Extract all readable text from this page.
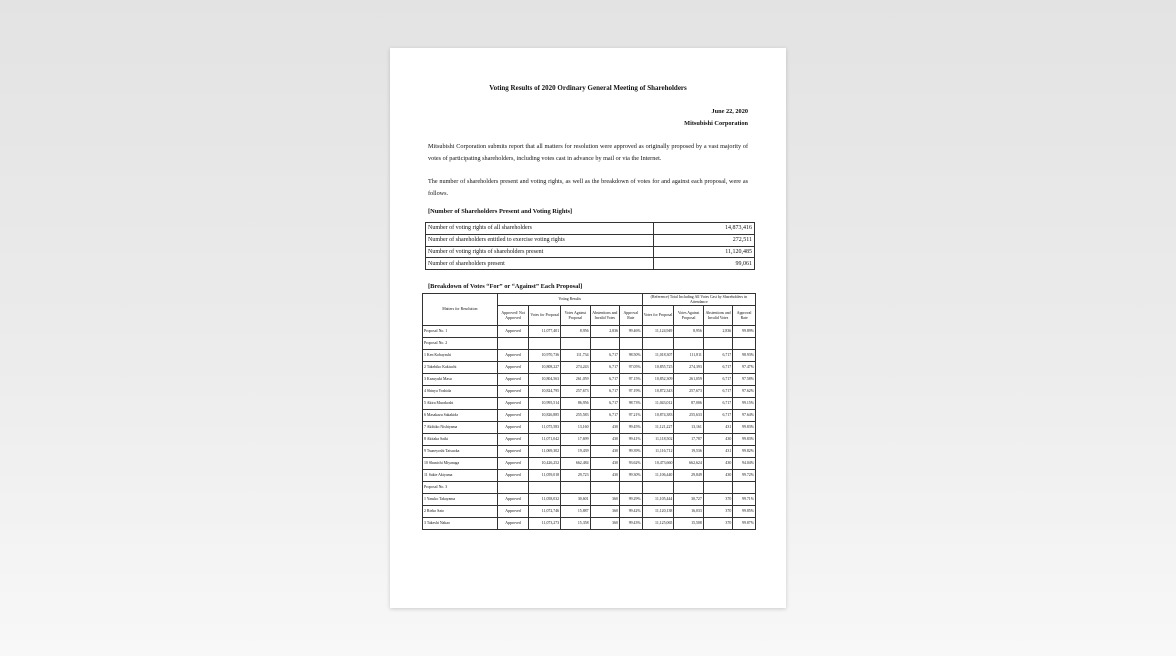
Voting Results of 2020 Ordinary General Meeting of Shareholders
June 22, 2020
Mitsubishi Corporation
Mitsubishi Corporation submits report that all matters for resolution were approved as originally proposed by a vast majority of votes of participating shareholders, including votes cast in advance by mail or via the Internet.
The number of shareholders present and voting rights, as well as the breakdown of votes for and against each proposal, were as follows.
[Number of Shareholders Present and Voting Rights]
Number of voting rights of all shareholders	14,873,416
Number of shareholders entitled to exercise voting rights	272,511
Number of voting rights of shareholders present	11,120,485
Number of shareholders present	99,061
[Breakdown of Votes “For” or “Against” Each Proposal]
Matters for Resolution	Voting Results					(Reference) Total Including All Votes Cast by Shareholders in Attendance			
	Approved/ Not Approved	Votes for Proposal	Votes Against Proposal	Abstentions and Invalid Votes	Approval Rate	Votes for Proposal	Votes Against Proposal	Abstentions and Invalid Votes	Approval Rate
Proposal No. 1	Approved	11,077,401	8,956	2,836	99.46%	11,124,949	8,956	2,836	99.89%
Proposal No. 2									
1 Ken Kobayashi	Approved	10,970,736	111,734	6,717	98.50%	11,018,307	111,811	6,717	98.93%
2 Takehiko Kakiuchi	Approved	10,808,227	274,243	6,717	97.05%	10,855,725	274,393	6,717	97.47%
3 Kazuyuki Masu	Approved	10,804,563	261,059	6,717	97.15%	10,852,309	261,059	6,717	97.58%
4 Shinya Yoshida	Approved	10,824,795	257,673	6,717	97.19%	10,872,343	257,673	6,717	97.62%
5 Akira Murakoshi	Approved	10,995,514	86,956	6,717	98.73%	11,043,012	87,006	6,717	99.15%
6 Masakazu Sakakida	Approved	10,826,885	255,583	6,717	97.21%	10,874,383	255,633	6,717	97.64%
7 Akihiko Nishiyama	Approved	11,075,583	13,160	430	99.45%	11,121,227	13,161	431	99.83%
8 Akitaka Saiki	Approved	11,071,042	17,699	430	99.41%	11,118,502	17,787	430	99.83%
9 Tsuneyoshi Tatsuoka	Approved	11,069,302	19,439	430	99.39%	11,116,712	19,536	431	99.82%
10 Shunichi Miyanaga	Approved	10,426,252	662,484	430	93.62%	10,473,660	662,624	430	94.04%
11 Sakie Akiyama	Approved	11,059,018	29,723	430	99.30%	11,106,440	29,849	430	99.72%
Proposal No. 3									
1 Yasuko Takayama	Approved	11,058,032	30,601	360	99.29%	11,105,444	30,727	370	99.71%
2 Rieko Sato	Approved	11,072,746	15,887	360	99.42%	11,120,138	16,033	370	99.85%
3 Takeshi Nakao	Approved	11,073,273	15,358	360	99.43%	11,125,065	15,508	370	99.87%
